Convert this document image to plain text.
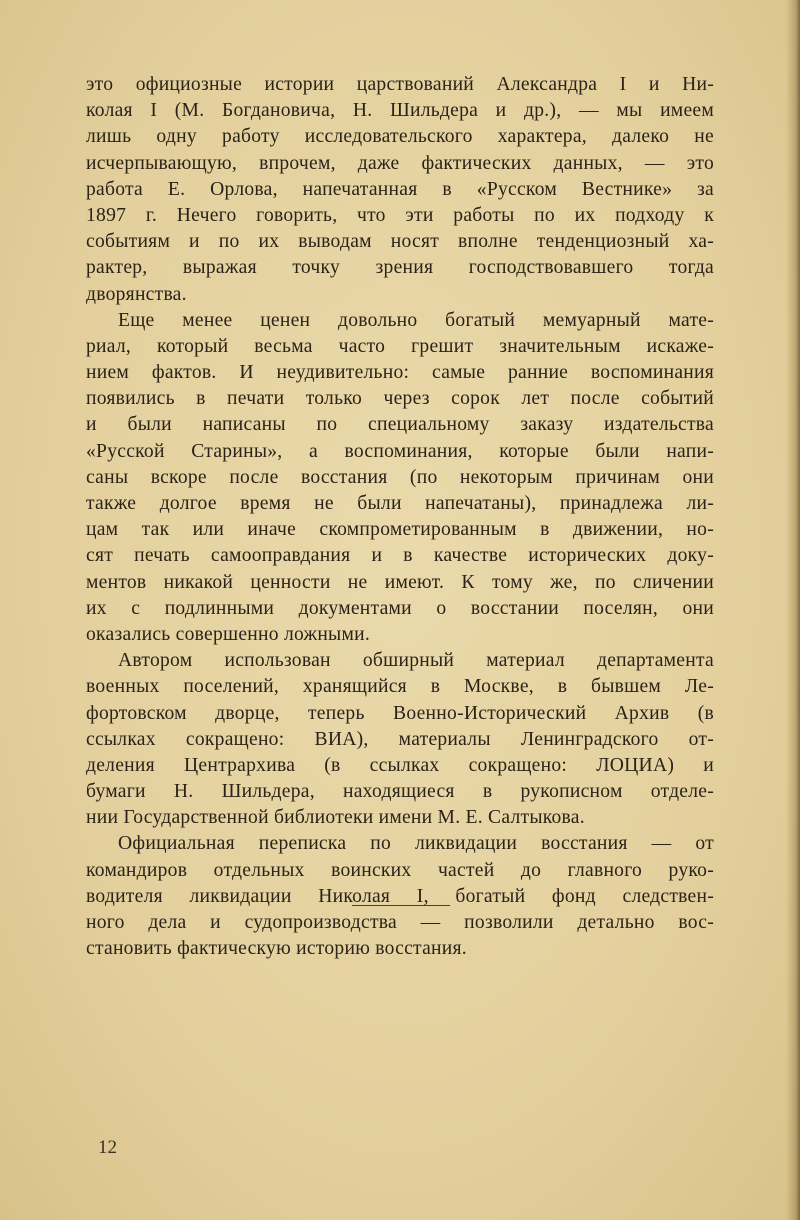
это официозные истории царствований Александра I и Ни-
колая I (М. Богдановича, Н. Шильдера и др.), — мы имеем
лишь одну работу исследовательского характера, далеко не
исчерпывающую, впрочем, даже фактических данных, — это
работа Е. Орлова, напечатанная в «Русском Вестнике» за
1897 г. Нечего говорить, что эти работы по их подходу к
событиям и по их выводам носят вполне тенденциозный ха-
рактер, выражая точку зрения господствовавшего тогда
дворянства.
Еще менее ценен довольно богатый мемуарный мате-
риал, который весьма часто грешит значительным искаже-
нием фактов. И неудивительно: самые ранние воспоминания
появились в печати только через сорок лет после событий
и были написаны по специальному заказу издательства
«Русской Старины», а воспоминания, которые были напи-
саны вскоре после восстания (по некоторым причинам они
также долгое время не были напечатаны), принадлежа ли-
цам так или иначе скомпрометированным в движении, но-
сят печать самооправдания и в качестве исторических доку-
ментов никакой ценности не имеют. К тому же, по сличении
их с подлинными документами о восстании поселян, они
оказались совершенно ложными.
Автором использован обширный материал департамента
военных поселений, хранящийся в Москве, в бывшем Ле-
фортовском дворце, теперь Военно-Исторический Архив (в
ссылках сокращено: ВИА), материалы Ленинградского от-
деления Центрархива (в ссылках сокращено: ЛОЦИА) и
бумаги Н. Шильдера, находящиеся в рукописном отделе-
нии Государственной библиотеки имени М. Е. Салтыкова.
Официальная переписка по ликвидации восстания — от
командиров отдельных воинских частей до главного руко-
водителя ликвидации Николая I, богатый фонд следствен-
ного дела и судопроизводства — позволили детально вос-
становить фактическую историю восстания.
12
